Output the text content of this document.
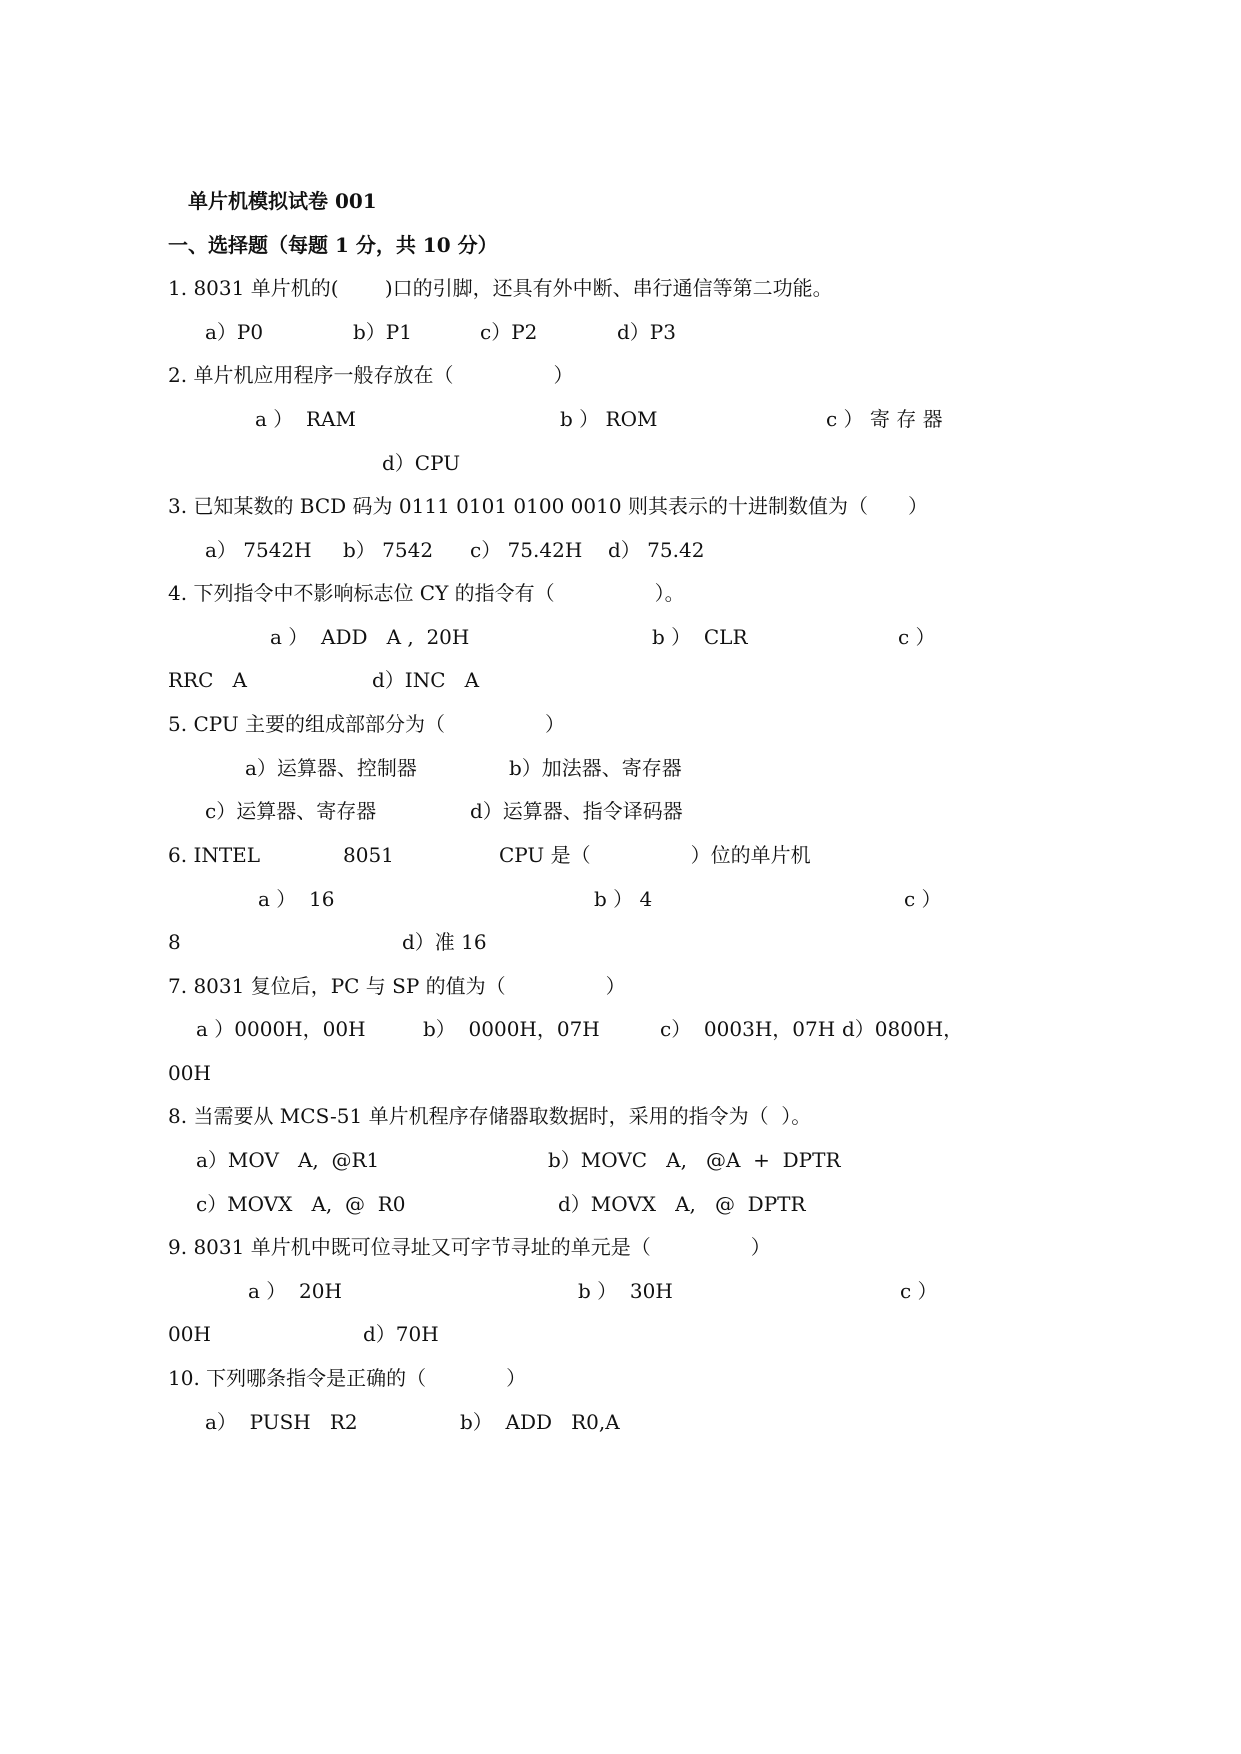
单片机模拟试卷 001
一、选择题（每题 1 分，共 10 分）
1. 8031 单片机的(　　 )口的引脚，还具有外中断、串行通信等第二功能。
a）P0	b）P1	c）P2	d）P3
2. 单片机应用程序一般存放在（　　　　　）
a ）  RAM	b ） ROM	c ） 寄 存 器
d）CPU
3. 已知某数的 BCD 码为 0111 0101 0100 0010 则其表示的十进制数值为（　　）
a） 7542H b） 7542 c） 75.42H d） 75.42
4. 下列指令中不影响标志位 CY 的指令有（　　　　　）。
a ）  ADD   A ,  20H	b ）  CLR	c ）
RRC   A	d）INC   A
5. CPU 主要的组成部部分为（　　　　　）
a）运算器、控制器	b）加法器、寄存器
c）运算器、寄存器	d）运算器、指令译码器
6. INTEL	8051	CPU 是（　　　　　）位的单片机
a ）  16	b ） 4	c ）
8	d）准 16
7. 8031 复位后，PC 与 SP 的值为（　　　　　）
a ）0000H，00H	b）  0000H，07H	c）  0003H，07H d）0800H，
00H
8. 当需要从 MCS-51 单片机程序存储器取数据时，采用的指令为（  ）。
a）MOV   A,  @R1	b）MOVC   A,   @A  +  DPTR
c）MOVX   A,  @  R0	d）MOVX   A,   @  DPTR
9. 8031 单片机中既可位寻址又可字节寻址的单元是（　　　　　）
a ）  20H	b ）  30H	c ）
00H	d）70H
10. 下列哪条指令是正确的（　　　　）
a）  PUSH   R2	b）  ADD   R0,A
